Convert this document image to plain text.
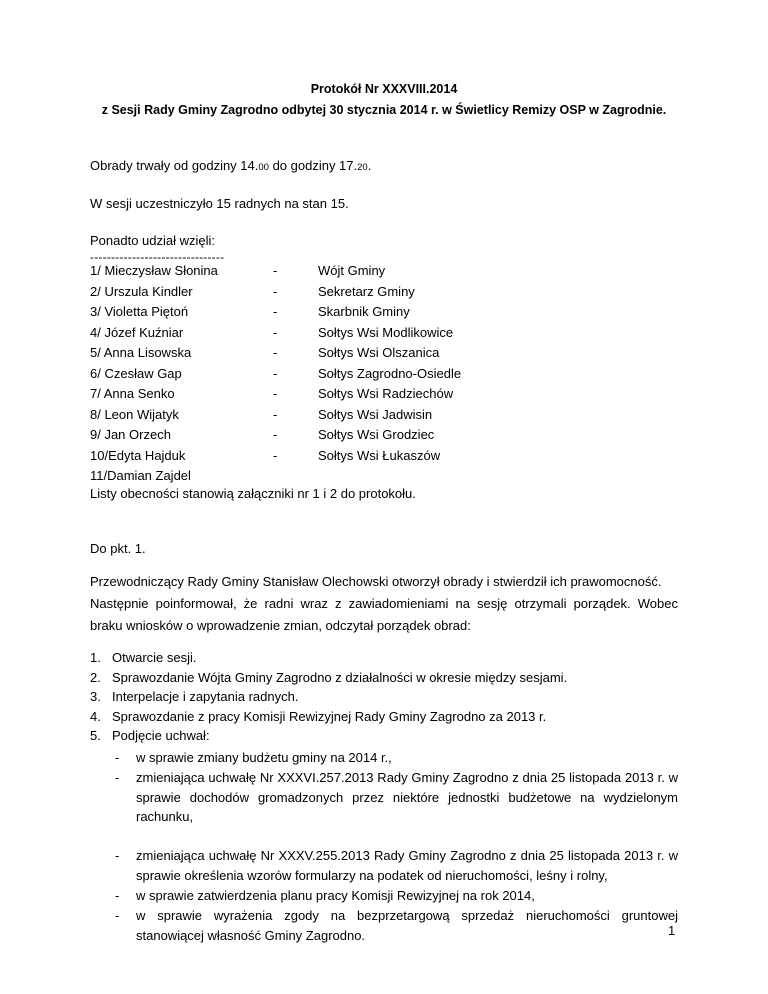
Protokół Nr XXXVIII.2014
z Sesji Rady Gminy Zagrodno odbytej 30 stycznia 2014 r. w Świetlicy Remizy OSP w Zagrodnie.
Obrady trwały od godziny 14.00 do godziny 17.20.
W sesji uczestniczyło 15 radnych na stan 15.
Ponadto udział wzięli:
--------------------------------
1/ Mieczysław Słonina	-	Wójt Gminy
2/ Urszula Kindler	-	Sekretarz Gminy
3/ Violetta Piętoń	-	Skarbnik Gminy
4/ Józef Kuźniar	-	Sołtys Wsi Modlikowice
5/ Anna Lisowska	-	Sołtys Wsi Olszanica
6/ Czesław Gap	-	Sołtys Zagrodno-Osiedle
7/ Anna Senko	-	Sołtys Wsi Radziechów
8/ Leon Wijatyk	-	Sołtys Wsi Jadwisin
9/ Jan Orzech	-	Sołtys Wsi Grodziec
10/Edyta Hajduk	-	Sołtys Wsi Łukaszów
11/Damian Zajdel
Listy obecności stanowią załączniki nr 1 i 2 do protokołu.
Do pkt. 1.
Przewodniczący Rady Gminy Stanisław Olechowski otworzył obrady i stwierdził ich prawomocność.
Następnie poinformował, że radni wraz z zawiadomieniami na sesję otrzymali porządek. Wobec
braku wniosków o wprowadzenie zmian, odczytał porządek obrad:
1. Otwarcie sesji.
2. Sprawozdanie Wójta Gminy Zagrodno z działalności w okresie między sesjami.
3. Interpelacje i zapytania radnych.
4. Sprawozdanie z pracy Komisji Rewizyjnej Rady Gminy Zagrodno za 2013 r.
5. Podjęcie uchwał:
- w sprawie zmiany budżetu gminy na 2014 r.,
- zmieniająca uchwałę Nr XXXVI.257.2013 Rady Gminy Zagrodno z dnia 25 listopada 2013 r. w sprawie dochodów gromadzonych przez niektóre jednostki budżetowe na wydzielonym rachunku,
- zmieniająca uchwałę Nr XXXV.255.2013 Rady Gminy Zagrodno z dnia 25 listopada 2013 r. w sprawie określenia wzorów formularzy na podatek od nieruchomości, leśny i rolny,
- w sprawie zatwierdzenia planu pracy Komisji Rewizyjnej na rok 2014,
- w sprawie wyrażenia zgody na bezprzetargową sprzedaż nieruchomości gruntowej stanowiącej własność Gminy Zagrodno.	1
